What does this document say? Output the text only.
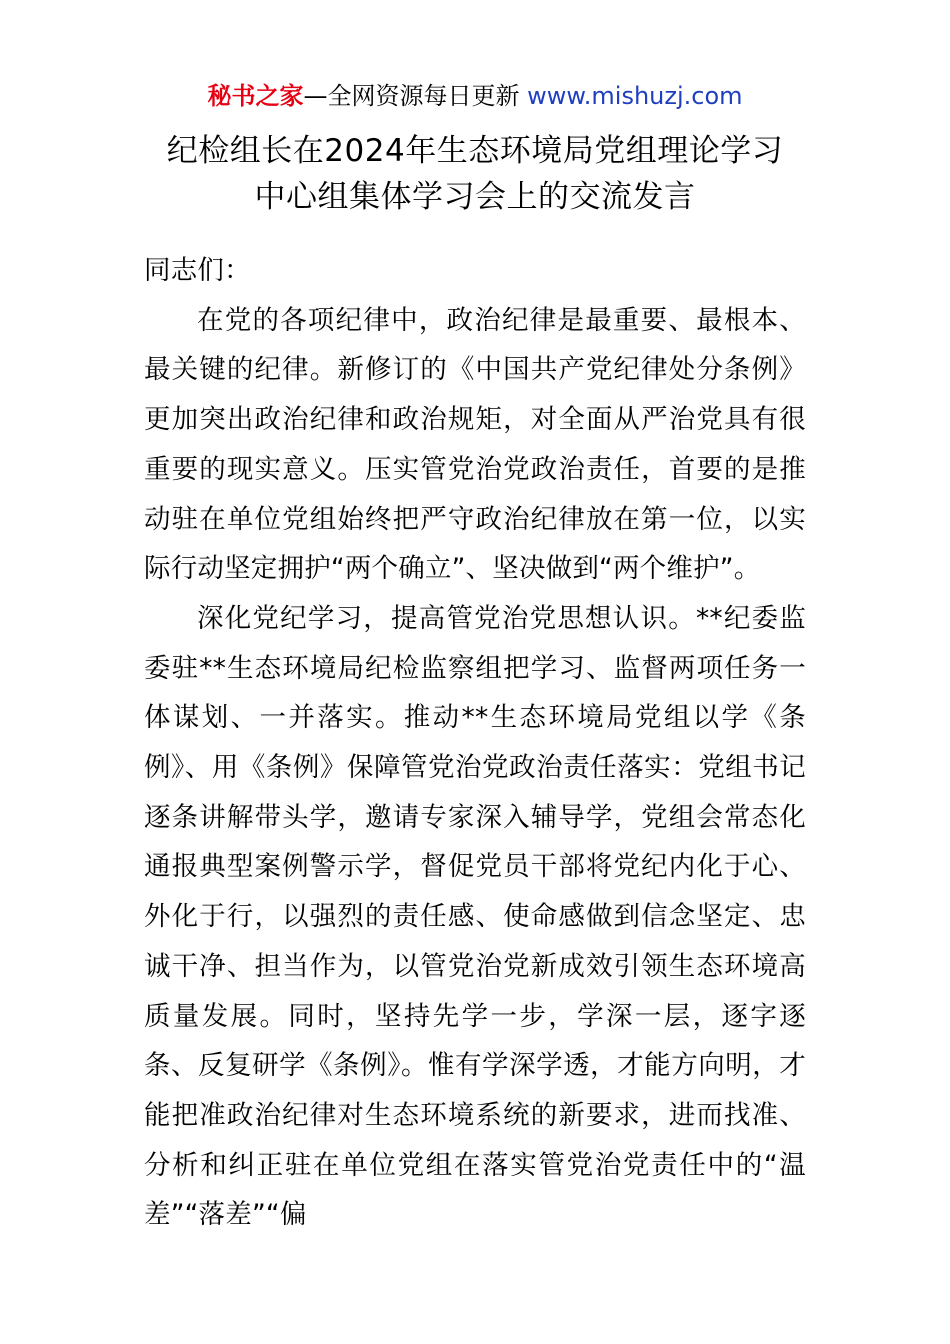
秘书之家—全网资源每日更新 www.mishuzj.com
纪检组长在2024年生态环境局党组理论学习
中心组集体学习会上的交流发言

同志们：

在党的各项纪律中，政治纪律是最重要、最根本、最关键的纪律。新修订的《中国共产党纪律处分条例》更加突出政治纪律和政治规矩，对全面从严治党具有很重要的现实意义。压实管党治党政治责任，首要的是推动驻在单位党组始终把严守政治纪律放在第一位，以实际行动坚定拥护“两个确立”、坚决做到“两个维护”。

深化党纪学习，提高管党治党思想认识。**纪委监委驻**生态环境局纪检监察组把学习、监督两项任务一体谋划、一并落实。推动**生态环境局党组以学《条例》、用《条例》保障管党治党政治责任落实：党组书记逐条讲解带头学，邀请专家深入辅导学，党组会常态化通报典型案例警示学，督促党员干部将党纪内化于心、外化于行，以强烈的责任感、使命感做到信念坚定、忠诚干净、担当作为，以管党治党新成效引领生态环境高质量发展。同时，坚持先学一步，学深一层，逐字逐条、反复研学《条例》。惟有学深学透，才能方向明，才能把准政治纪律对生态环境系统的新要求，进而找准、分析和纠正驻在单位党组在落实管党治党责任中的“温差”“落差”“偏
